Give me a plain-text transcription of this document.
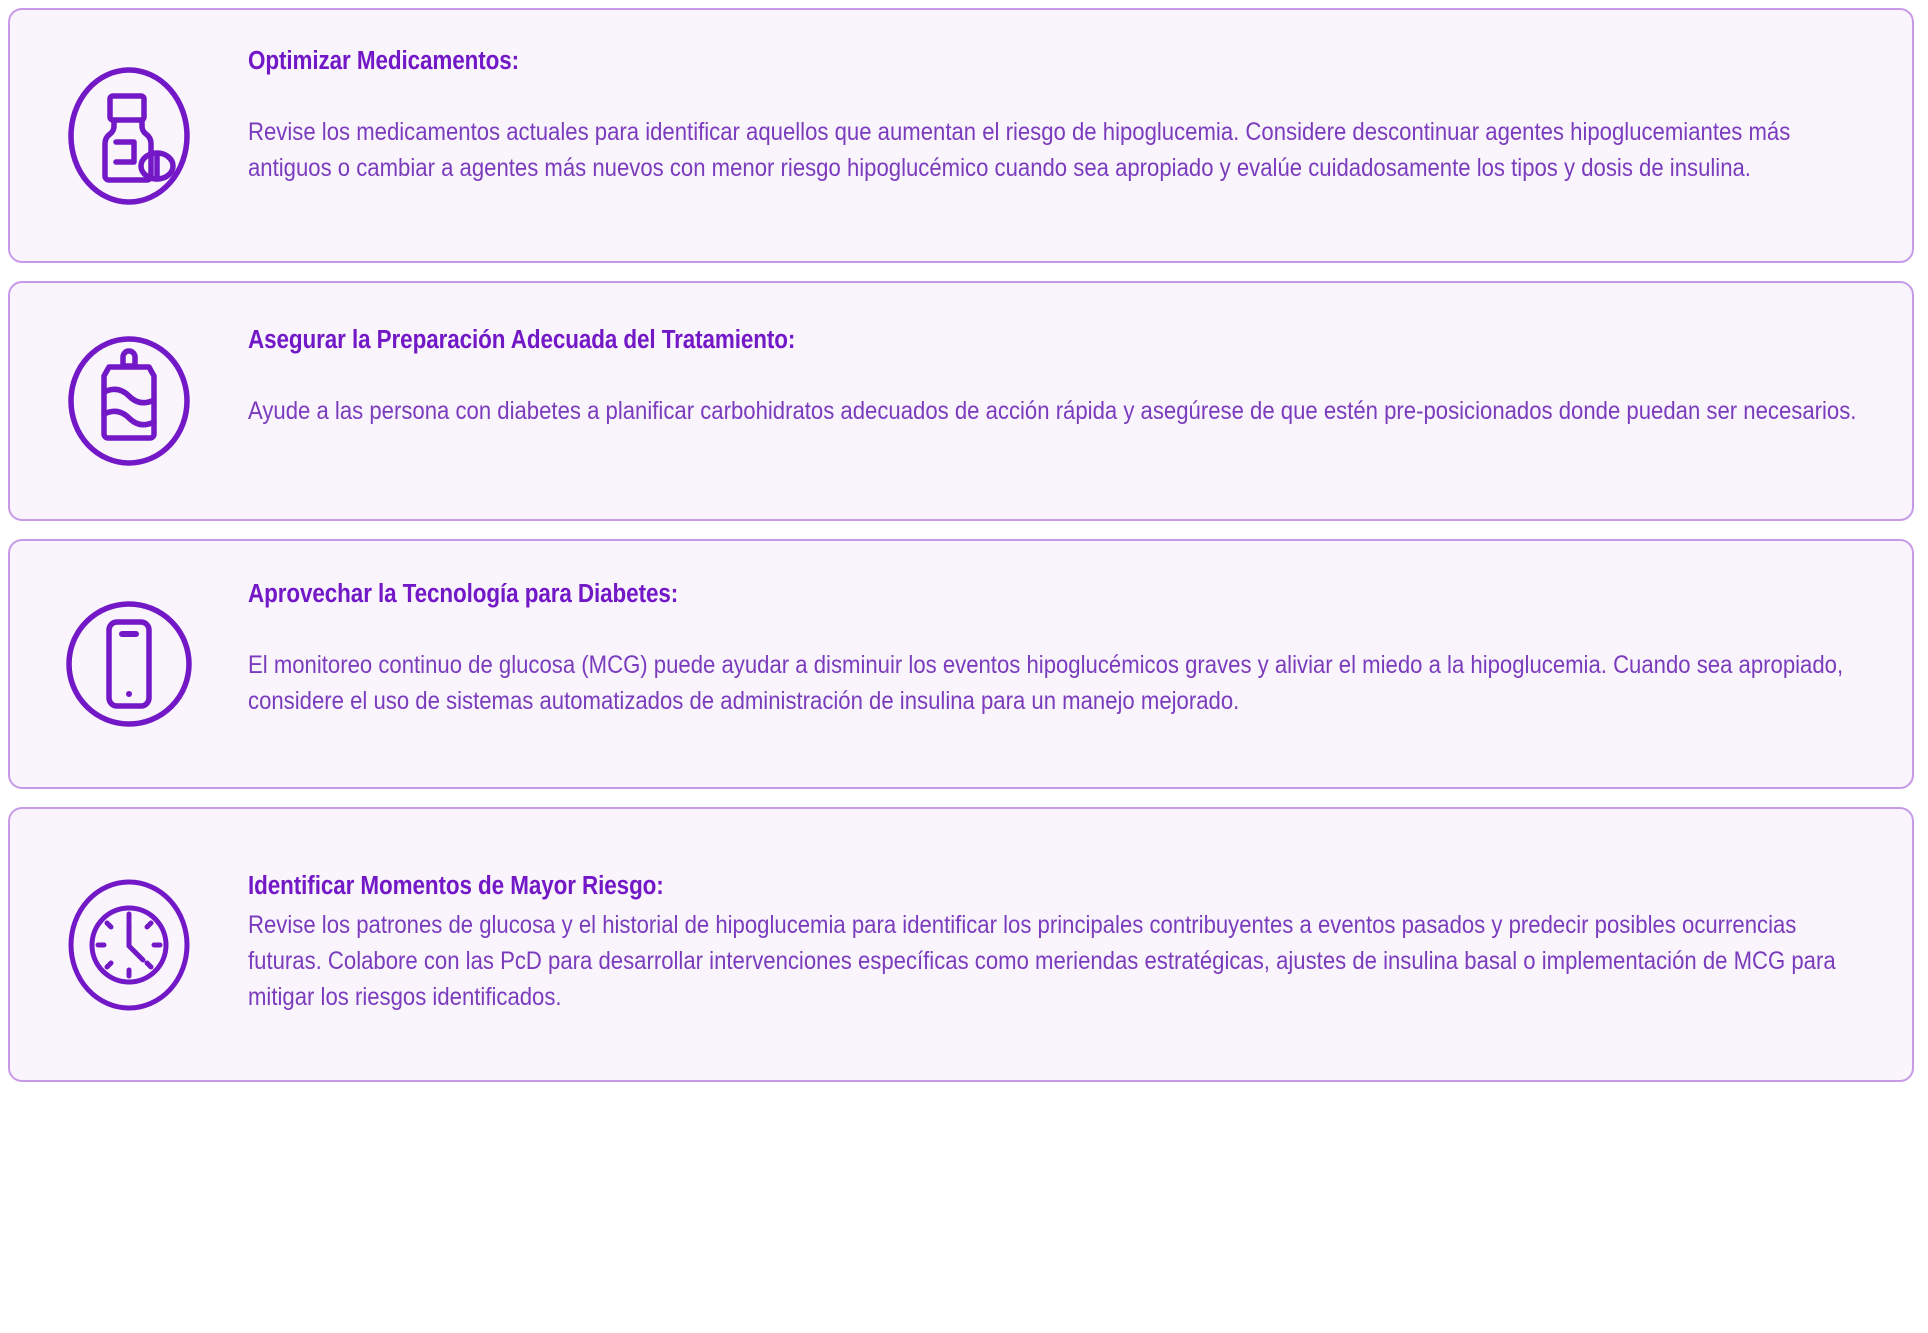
Optimizar Medicamentos:

Revise los medicamentos actuales para identificar aquellos que aumentan el riesgo de hipoglucemia. Considere descontinuar agentes hipoglucemiantes más antiguos o cambiar a agentes más nuevos con menor riesgo hipoglucémico cuando sea apropiado y evalúe cuidadosamente los tipos y dosis de insulina.

Asegurar la Preparación Adecuada del Tratamiento:

Ayude a las persona con diabetes a planificar carbohidratos adecuados de acción rápida y asegúrese de que estén pre-posicionados donde puedan ser necesarios.

Aprovechar la Tecnología para Diabetes:

El monitoreo continuo de glucosa (MCG) puede ayudar a disminuir los eventos hipoglucémicos graves y aliviar el miedo a la hipoglucemia. Cuando sea apropiado, considere el uso de sistemas automatizados de administración de insulina para un manejo mejorado.

Identificar Momentos de Mayor Riesgo:

Revise los patrones de glucosa y el historial de hipoglucemia para identificar los principales contribuyentes a eventos pasados y predecir posibles ocurrencias futuras. Colabore con las PcD para desarrollar intervenciones específicas como meriendas estratégicas, ajustes de insulina basal o implementación de MCG para mitigar los riesgos identificados.
